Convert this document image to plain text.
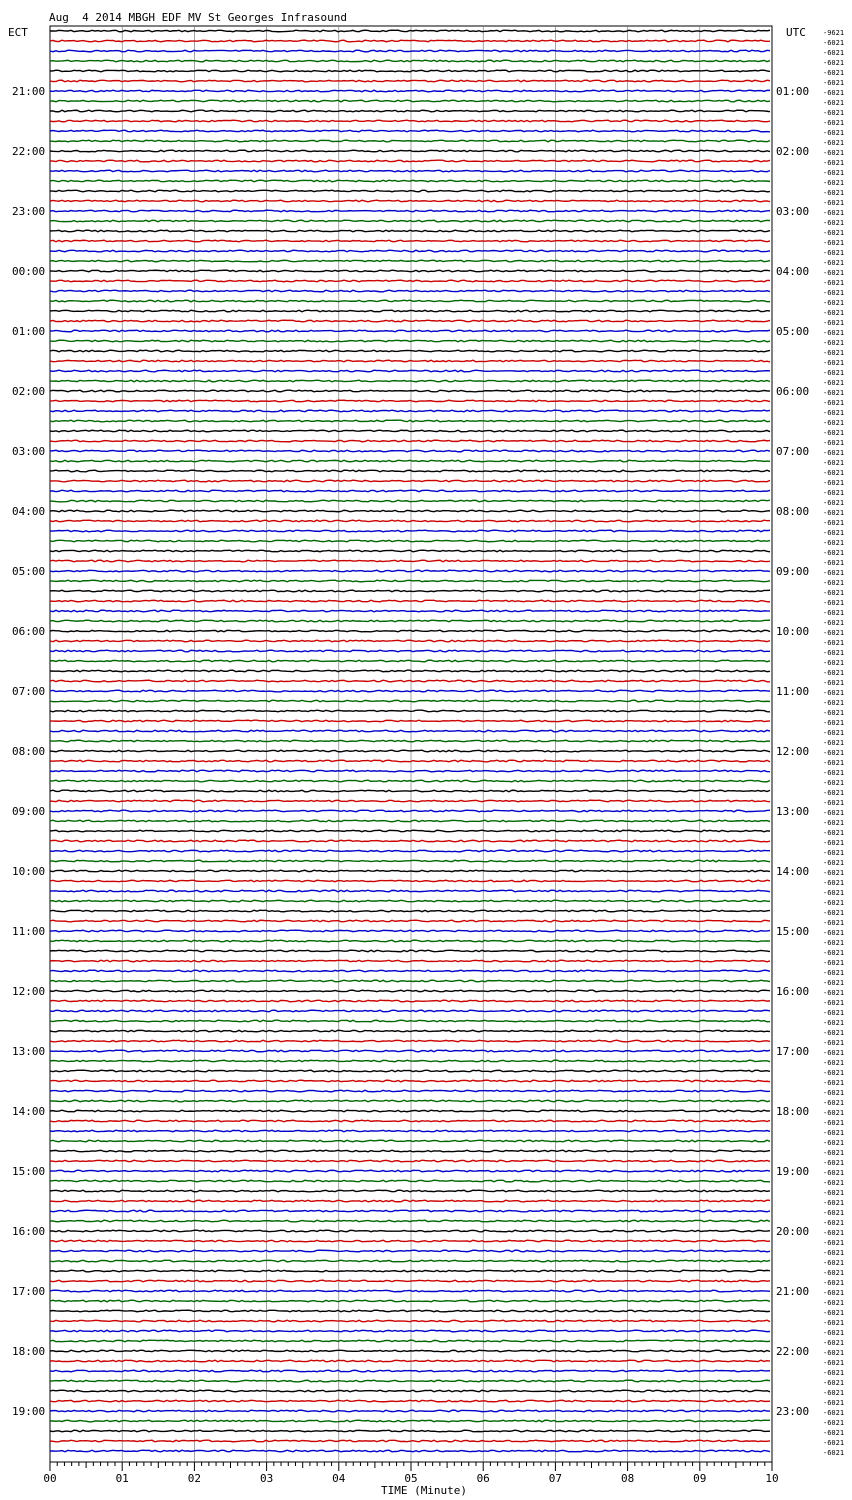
Aug  4 2014 MBGH EDF MV St Georges Infrasound
ECT	UTC
21:00
22:00
23:00
00:00
01:00
02:00
03:00
04:00
05:00
06:00
07:00
08:00
09:00
10:00
11:00
12:00
13:00
14:00
15:00
16:00
17:00
18:00
19:00
01:00
02:00
03:00
04:00
05:00
06:00
07:00
08:00
09:00
10:00
11:00
12:00
13:00
14:00
15:00
16:00
17:00
18:00
19:00
20:00
21:00
22:00
23:00
-9621
-6021
-6021
-6021
-6021
-6021
-6021
-6021
-6021
-6021
-6021
-6021
-6021
-6021
-6021
-6021
-6021
-6021
-6021
-6021
-6021
-6021
-6021
-6021
-6021
-6021
-6021
-6021
-6021
-6021
-6021
-6021
-6021
-6021
-6021
-6021
-6021
-6021
-6021
-6021
-6021
-6021
-6021
-6021
-6021
-6021
-6021
-6021
-6021
-6021
-6021
-6021
-6021
-6021
-6021
-6021
-6021
-6021
-6021
-6021
-6021
-6021
-6021
-6021
-6021
-6021
-6021
-6021
-6021
-6021
-6021
-6021
-6021
-6021
-6021
-6021
-6021
-6021
-6021
-6021
-6021
-6021
-6021
-6021
-6021
-6021
-6021
-6021
-6021
-6021
-6021
-6021
-6021
-6021
-6021
-6021
-6021
-6021
-6021
-6021
-6021
-6021
-6021
-6021
-6021
-6021
-6021
-6021
-6021
-6021
-6021
-6021
-6021
-6021
-6021
-6021
-6021
-6021
-6021
-6021
-6021
-6021
-6021
-6021
-6021
-6021
-6021
-6021
-6021
-6021
-6021
-6021
-6021
-6021
-6021
-6021
-6021
-6021
-6021
-6021
-6021
-6021
-6021
00	01	02	03	04	05	06	07	08	09	10
TIME (Minute)
